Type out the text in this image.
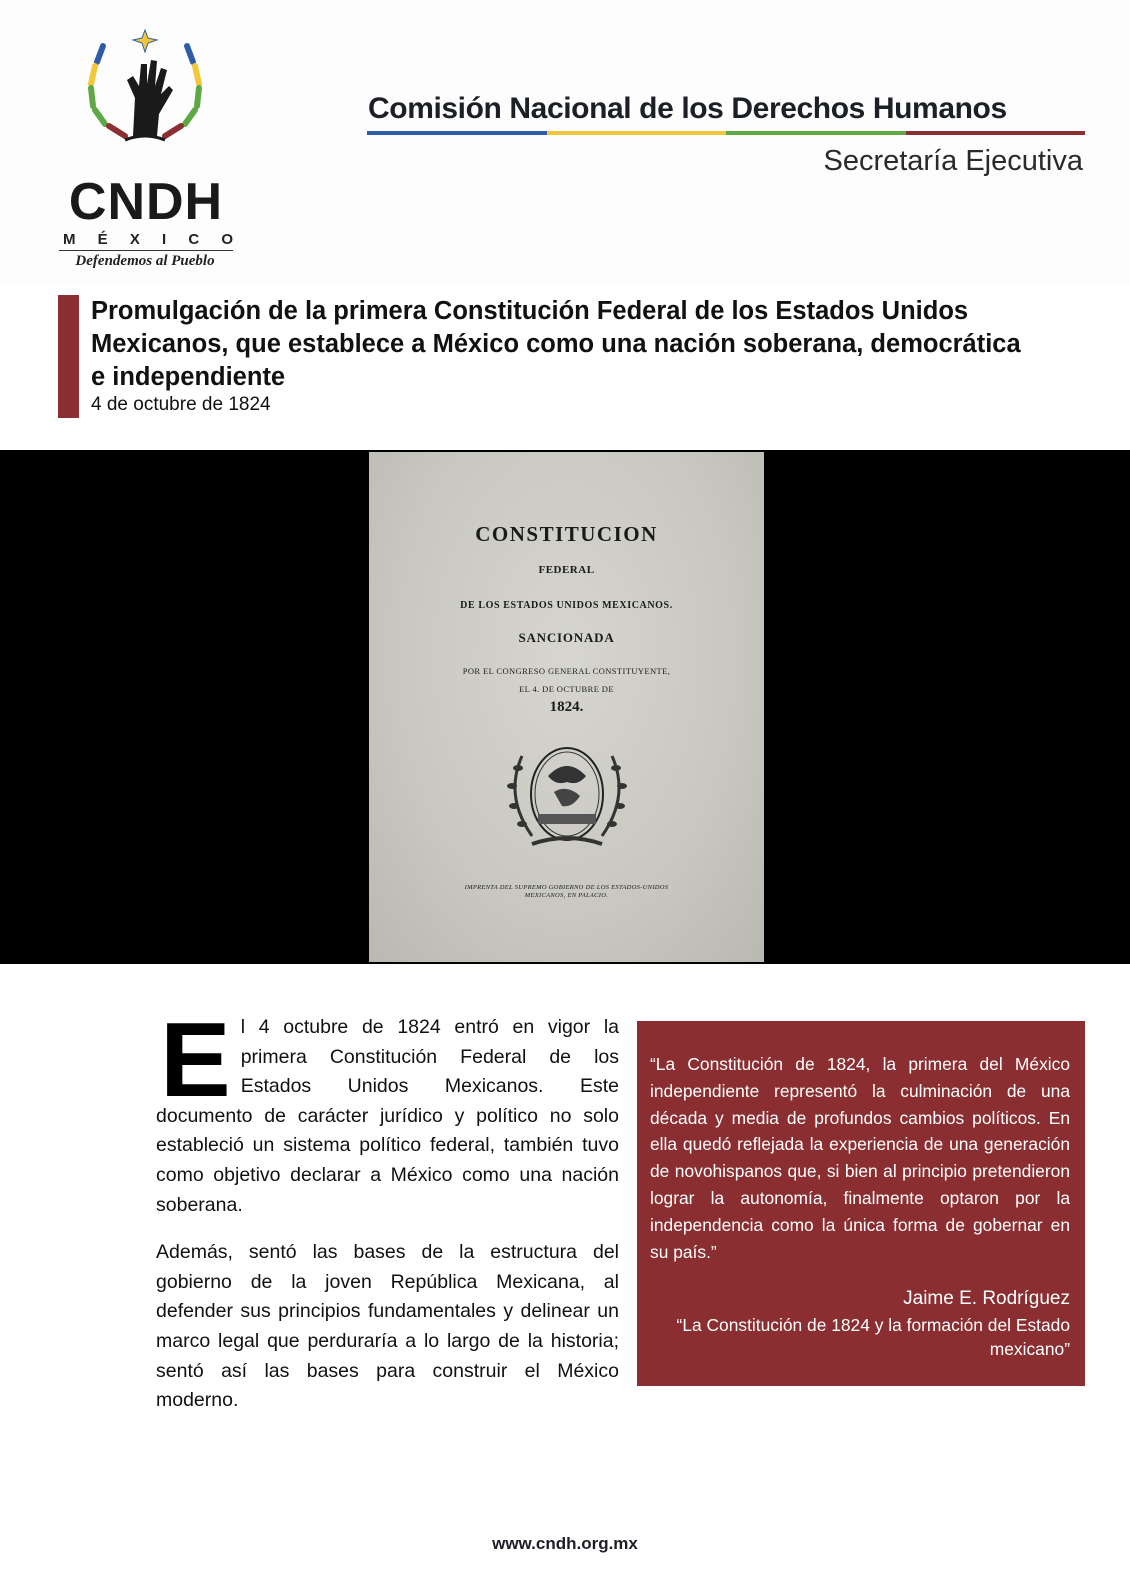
CNDH
M É X I C O
Defendemos al Pueblo
Comisión Nacional de los Derechos Humanos
Secretaría Ejecutiva
Promulgación de la primera Constitución Federal de los Estados Unidos Mexicanos, que establece a México como una nación soberana, democrática e independiente
4 de octubre de 1824
CONSTITUCION
FEDERAL
DE LOS ESTADOS UNIDOS MEXICANOS.
SANCIONADA
POR EL CONGRESO GENERAL CONSTITUYENTE,
EL 4. DE OCTUBRE DE
1824.
IMPRENTA DEL SUPREMO GOBIERNO DE LOS ESTADOS-UNIDOS
MEXICANOS, EN PALACIO.

El 4 octubre de 1824 entró en vigor la primera Constitución Federal de los Estados Unidos Mexicanos. Este documento de carácter jurídico y político no solo estableció un sistema político federal, también tuvo como objetivo declarar a México como una nación soberana.

Además, sentó las bases de la estructura del gobierno de la joven República Mexicana, al defender sus principios fundamentales y delinear un marco legal que perduraría a lo largo de la historia; sentó así las bases para construir el México moderno.

“La Constitución de 1824, la primera del México independiente representó la culminación de una década y media de profundos cambios políticos. En ella quedó reflejada la experiencia de una generación de novohispanos que, si bien al principio pretendieron lograr la autonomía, finalmente optaron por la independencia como la única forma de gobernar en su país.”
Jaime E. Rodríguez
“La Constitución de 1824 y la formación del Estado mexicano”
www.cndh.org.mx
